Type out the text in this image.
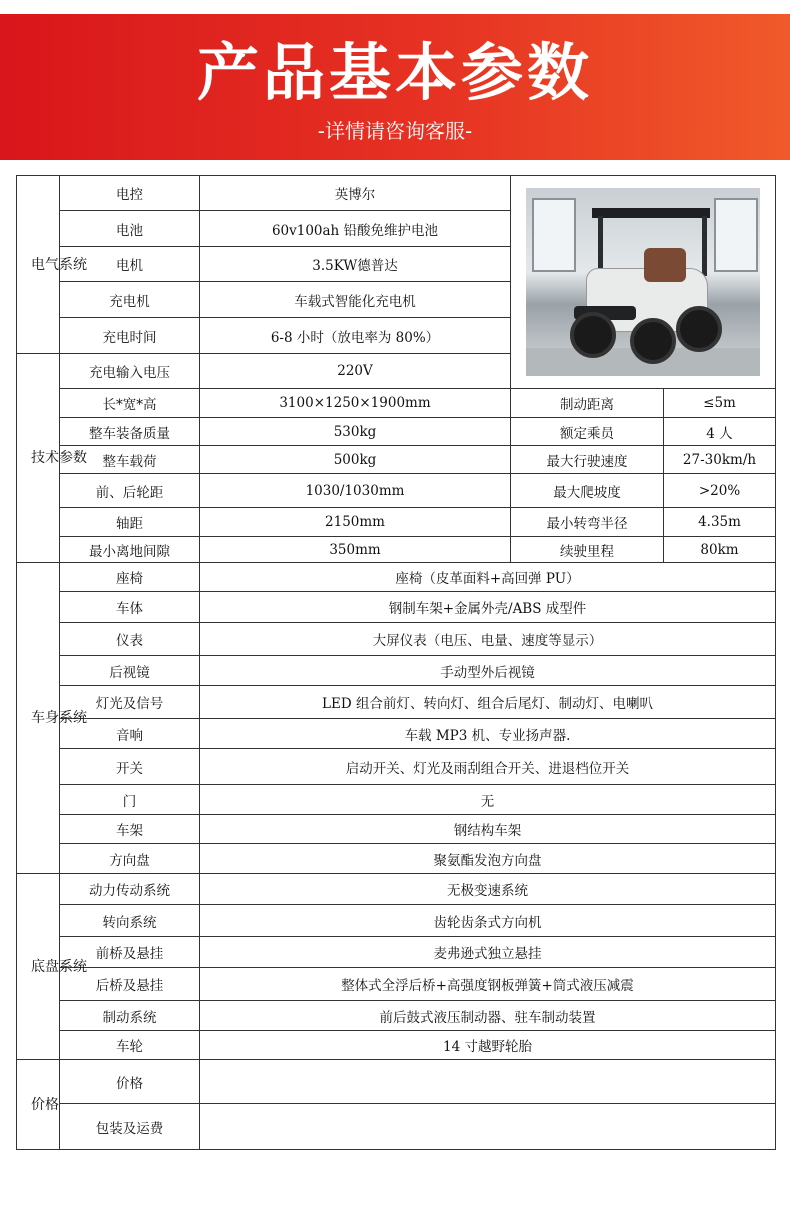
产品基本参数
-详情请咨询客服-
电气系统	电控	英博尔		

	电池	60v100ah 铅酸免维护电池		
	电机	3.5KW德普达		
	充电机	车载式智能化充电机		
	充电时间	6-8 小时（放电率为 80%）		

技术参数	充电输入电压	220V		
	长*宽*高	3100×1250×1900mm	制动距离	≤5m
	整车装备质量	530kg	额定乘员	4 人
	整车载荷	500kg	最大行驶速度	27-30km/h
	前、后轮距	1030/1030mm	最大爬坡度	>20%
	轴距	2150mm	最小转弯半径	4.35m
	最小离地间隙	350mm	续驶里程	80km

车身系统	座椅	座椅（皮革面料+高回弹 PU）		
	车体	钢制车架+金属外壳/ABS 成型件		
	仪表	大屏仪表（电压、电量、速度等显示）		
	后视镜	手动型外后视镜		
	灯光及信号	LED 组合前灯、转向灯、组合后尾灯、制动灯、电喇叭		
	音响	车载 MP3 机、专业扬声器.		
	开关	启动开关、灯光及雨刮组合开关、进退档位开关		
	门	无		
	车架	钢结构车架		
	方向盘	聚氨酯发泡方向盘		

底盘系统	动力传动系统	无极变速系统		
	转向系统	齿轮齿条式方向机		
	前桥及悬挂	麦弗逊式独立悬挂		
	后桥及悬挂	整体式全浮后桥+高强度钢板弹簧+筒式液压减震		
	制动系统	前后鼓式液压制动器、驻车制动装置		
	车轮	14 寸越野轮胎		

价格	价格			
	包装及运费			
